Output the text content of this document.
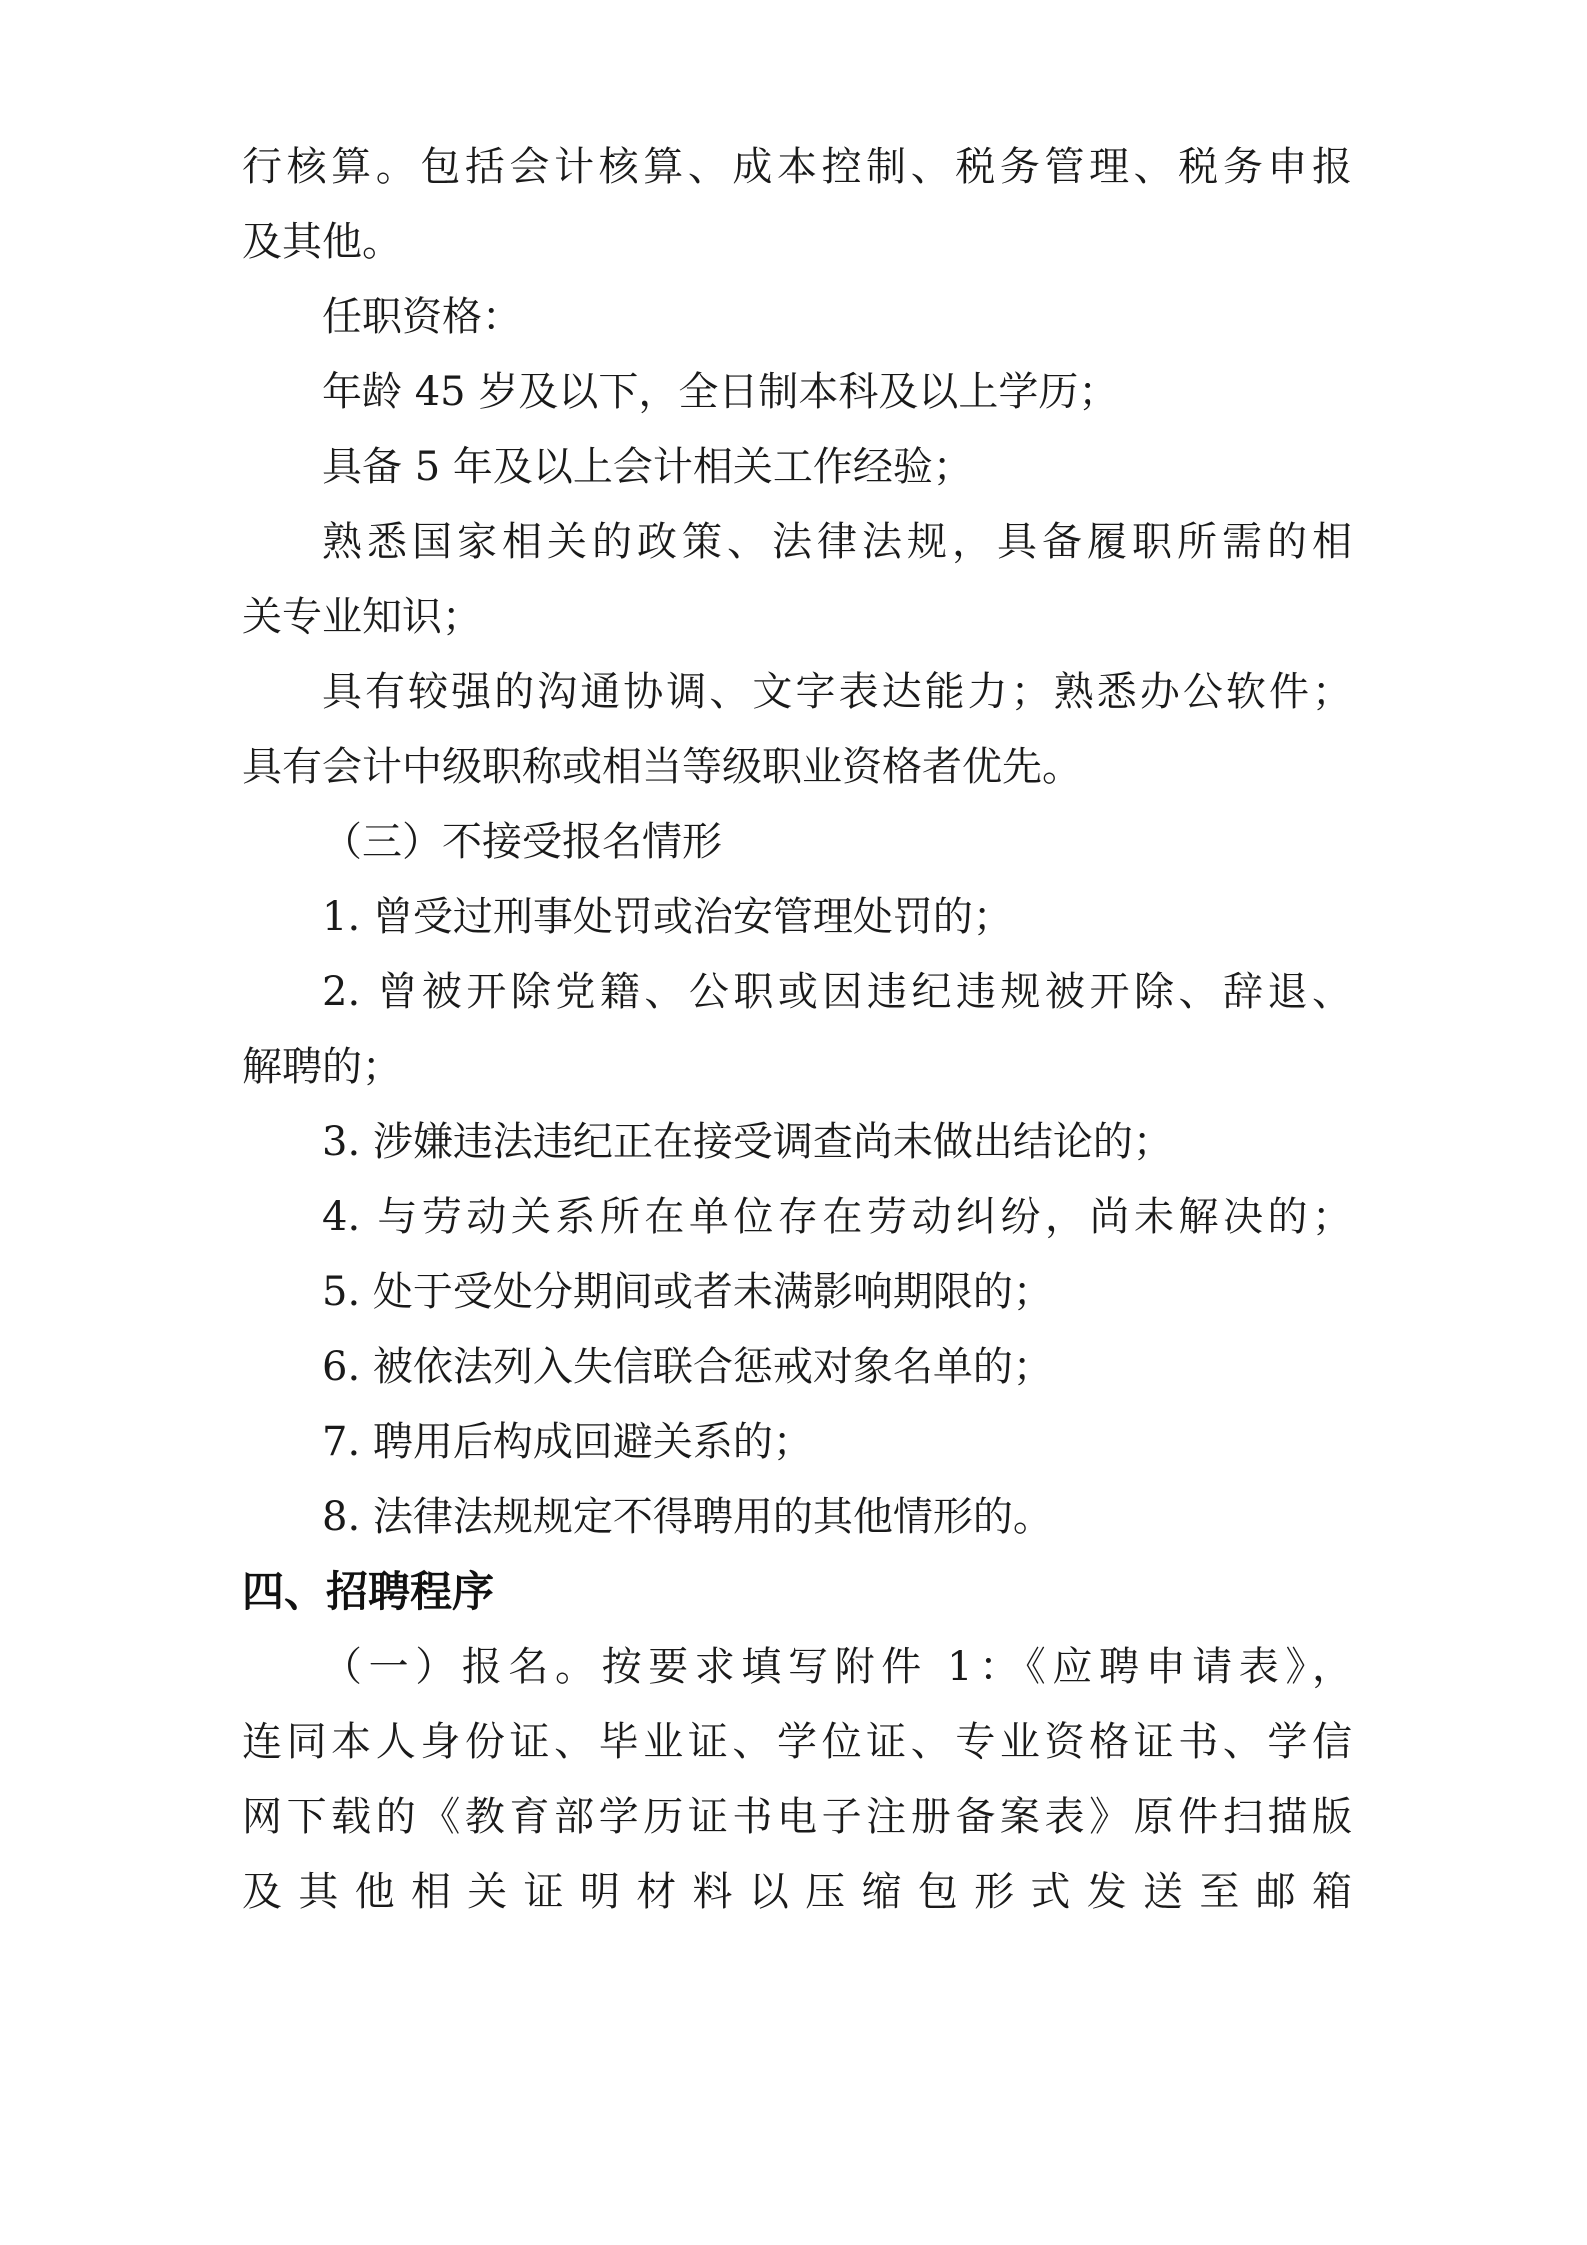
行核算。包括会计核算、成本控制、税务管理、税务申报
及其他。
任职资格：
年龄 45 岁及以下，全日制本科及以上学历；
具备 5 年及以上会计相关工作经验；
熟悉国家相关的政策、法律法规，具备履职所需的相
关专业知识；
具有较强的沟通协调、文字表达能力；熟悉办公软件；
具有会计中级职称或相当等级职业资格者优先。
（三）不接受报名情形
1. 曾受过刑事处罚或治安管理处罚的；
2. 曾被开除党籍、公职或因违纪违规被开除、辞退、
解聘的；
3. 涉嫌违法违纪正在接受调查尚未做出结论的；
4. 与劳动关系所在单位存在劳动纠纷，尚未解决的；
5. 处于受处分期间或者未满影响期限的；
6. 被依法列入失信联合惩戒对象名单的；
7. 聘用后构成回避关系的；
8. 法律法规规定不得聘用的其他情形的。
四、招聘程序
（一）报名。按要求填写附件 1：《应聘申请表》，
连同本人身份证、毕业证、学位证、专业资格证书、学信
网下载的《教育部学历证书电子注册备案表》原件扫描版
及其他相关证明材料以压缩包形式发送至邮箱
